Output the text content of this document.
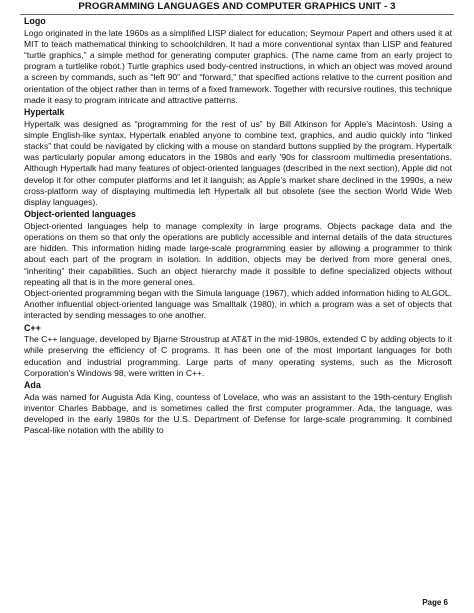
PROGRAMMING LANGUAGES AND COMPUTER GRAPHICS UNIT - 3
Logo

Logo originated in the late 1960s as a simplified LISP dialect for education; Seymour Papert and others used it at MIT to teach mathematical thinking to schoolchildren. It had a more conventional syntax than LISP and featured “turtle graphics,” a simple method for generating computer graphics. (The name came from an early project to program a turtlelike robot.) Turtle graphics used body-centred instructions, in which an object was moved around a screen by commands, such as “left 90” and “forward,” that specified actions relative to the current position and orientation of the object rather than in terms of a fixed framework. Together with recursive routines, this technique made it easy to program intricate and attractive patterns.

Hypertalk

Hypertalk was designed as “programming for the rest of us” by Bill Atkinson for Apple’s Macintosh. Using a simple English-like syntax, Hypertalk enabled anyone to combine text, graphics, and audio quickly into “linked stacks” that could be navigated by clicking with a mouse on standard buttons supplied by the program. Hypertalk was particularly popular among educators in the 1980s and early ’90s for classroom multimedia presentations. Although Hypertalk had many features of object-oriented languages (described in the next section), Apple did not develop it for other computer platforms and let it languish; as Apple’s market share declined in the 1990s, a new cross-platform way of displaying multimedia left Hypertalk all but obsolete (see the section World Wide Web display languages).

Object-oriented languages

Object-oriented languages help to manage complexity in large programs. Objects package data and the operations on them so that only the operations are publicly accessible and internal details of the data structures are hidden. This information hiding made large-scale programming easier by allowing a programmer to think about each part of the program in isolation. In addition, objects may be derived from more general ones, “inheriting” their capabilities. Such an object hierarchy made it possible to define specialized objects without repeating all that is in the more general ones.

Object-oriented programming began with the Simula language (1967), which added information hiding to ALGOL. Another influential object-oriented language was Smalltalk (1980), in which a program was a set of objects that interacted by sending messages to one another.

C++

The C++ language, developed by Bjarne Stroustrup at AT&T in the mid-1980s, extended C by adding objects to it while preserving the efficiency of C programs. It has been one of the most important languages for both education and industrial programming. Large parts of many operating systems, such as the Microsoft Corporation’s Windows 98, were written in C++.

Ada

Ada was named for Augusta Ada King, countess of Lovelace, who was an assistant to the 19th-century English inventor Charles Babbage, and is sometimes called the first computer programmer. Ada, the language, was developed in the early 1980s for the U.S. Department of Defense for large-scale programming. It combined Pascal-like notation with the ability to

Page 6
